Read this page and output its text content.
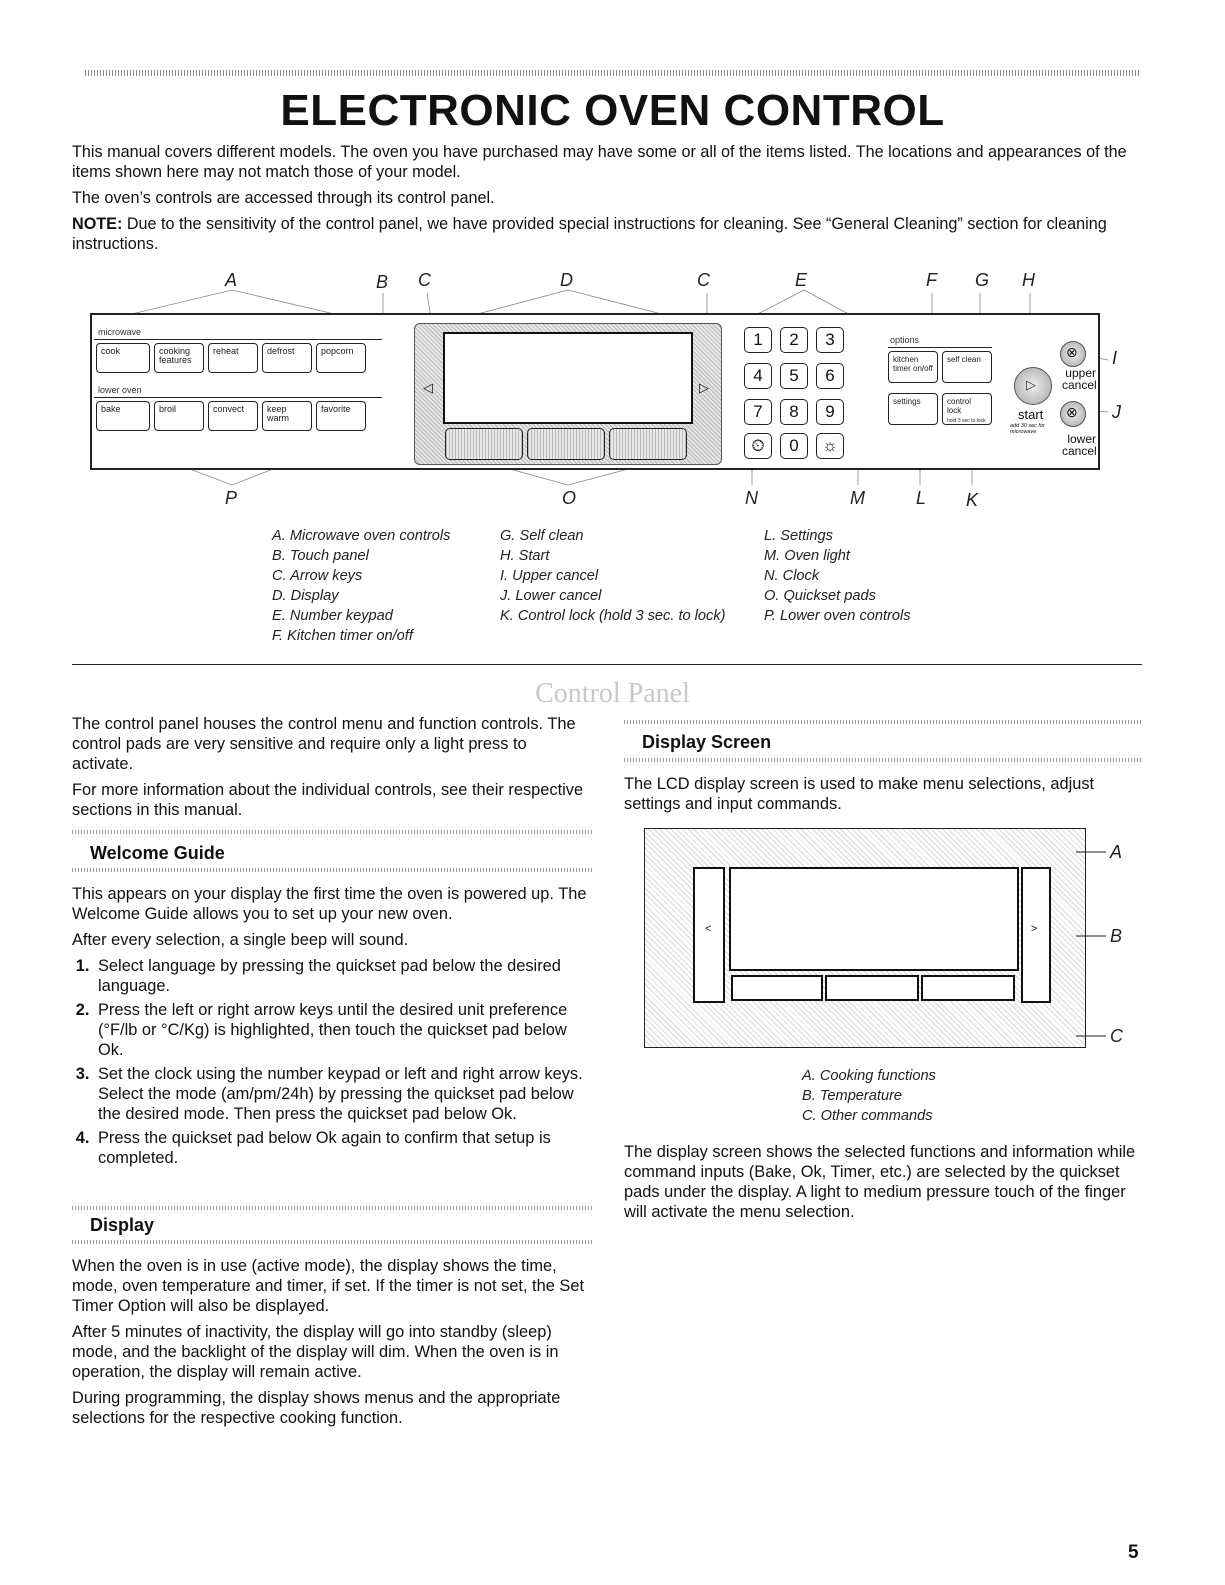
ELECTRONIC OVEN CONTROL

This manual covers different models. The oven you have purchased may have some or all of the items listed. The locations and appearances of the items shown here may not match those of your model.

The oven’s controls are accessed through its control panel.

NOTE: Due to the sensitivity of the control panel, we have provided special instructions for cleaning. See “General Cleaning” section for cleaning instructions.

A	B C	D	C	E	F G H
I
J
microwave
cook	cooking features
reheat	defrost	popcorn
lower oven
bake	broil	convect	keep warm
favorite
◁	▷
1	2	3
4	5	6
7	8	9
⏲	0	☼
options
kitchen timer on/off
self clean
settings	control lock
hold 3 sec to lock
▷
start
add 30 sec for microwave
⊗
upper cancel
⊗
lower cancel
P	O	N	M	L K
A. Microwave oven controls
B. Touch panel
C. Arrow keys
D. Display
E. Number keypad
F. Kitchen timer on/off
G. Self clean
H. Start
I. Upper cancel
J. Lower cancel
K. Control lock (hold 3 sec. to lock)
L. Settings
M. Oven light
N. Clock
O. Quickset pads
P. Lower oven controls
Control Panel

The control panel houses the control menu and function controls. The control pads are very sensitive and require only a light press to activate.

For more information about the individual controls, see their respective sections in this manual.

Welcome Guide

This appears on your display the first time the oven is powered up. The Welcome Guide allows you to set up your new oven.

After every selection, a single beep will sound.

1. Select language by pressing the quickset pad below the desired language.
2. Press the left or right arrow keys until the desired unit preference (°F/lb or °C/Kg) is highlighted, then touch the quickset pad below Ok.
3. Set the clock using the number keypad or left and right arrow keys. Select the mode (am/pm/24h) by pressing the quickset pad below the desired mode. Then press the quickset pad below Ok.
4. Press the quickset pad below Ok again to confirm that setup is completed.
Display

When the oven is in use (active mode), the display shows the time, mode, oven temperature and timer, if set. If the timer is not set, the Set Timer Option will also be displayed.

After 5 minutes of inactivity, the display will go into standby (sleep) mode, and the backlight of the display will dim. When the oven is in operation, the display will remain active.

During programming, the display shows menus and the appropriate selections for the respective cooking function.

Display Screen

The LCD display screen is used to make menu selections, adjust settings and input commands.

<	>
A
B
C
A. Cooking functions
B. Temperature
C. Other commands

The display screen shows the selected functions and information while command inputs (Bake, Ok, Timer, etc.) are selected by the quickset pads under the display. A light to medium pressure touch of the finger will activate the menu selection.

5
